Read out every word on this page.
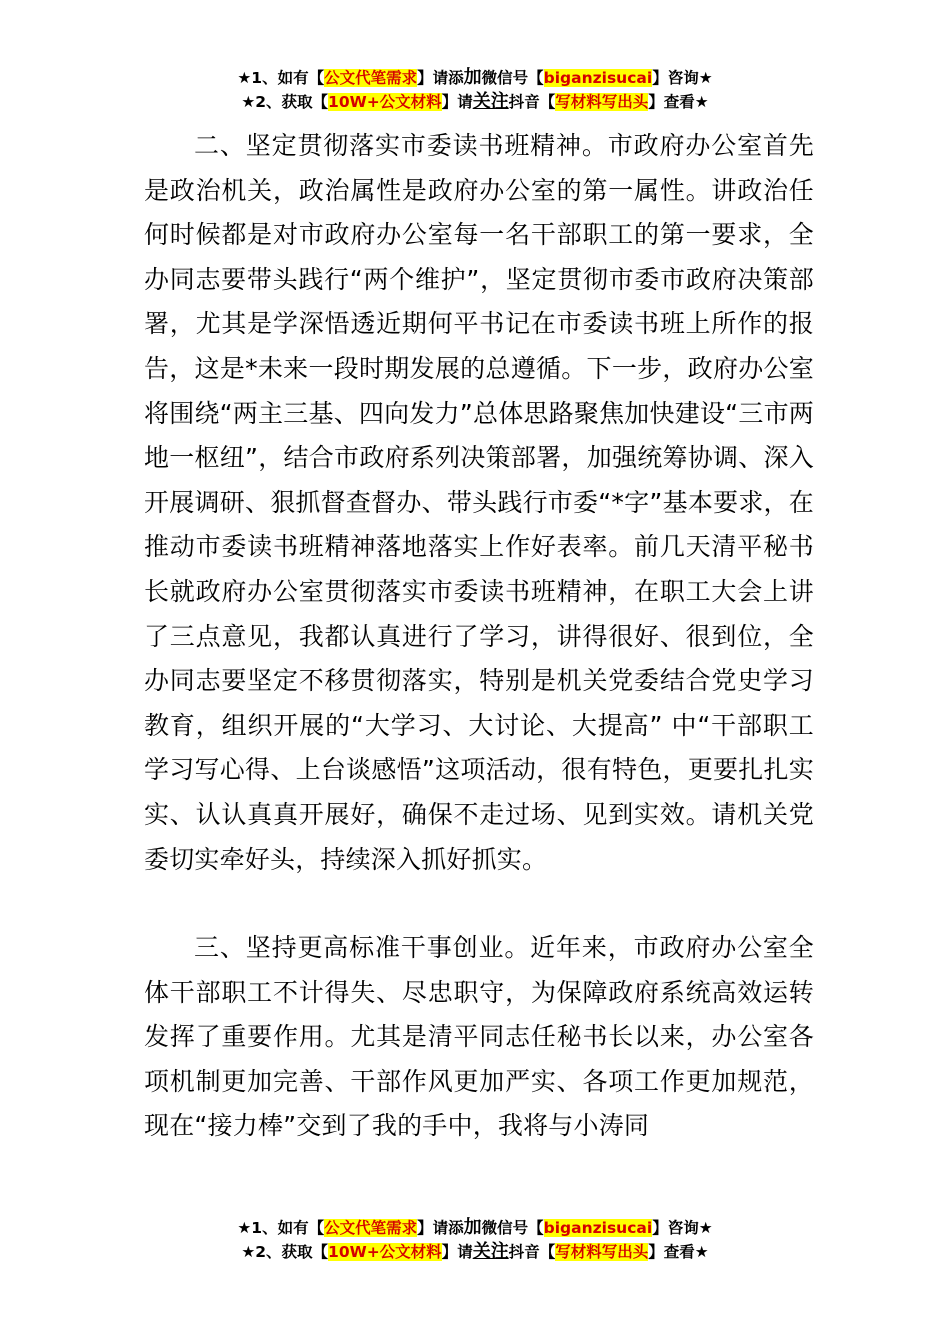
★1、如有【公文代笔需求】请添加微信号【biganzisucai】咨询★
★2、获取【10W+公文材料】请关注抖音【写材料写出头】查看★

二、坚定贯彻落实市委读书班精神。市政府办公室首先是政治机关，政治属性是政府办公室的第一属性。讲政治任何时候都是对市政府办公室每一名干部职工的第一要求，全办同志要带头践行“两个维护”，坚定贯彻市委市政府决策部署，尤其是学深悟透近期何平书记在市委读书班上所作的报告，这是*未来一段时期发展的总遵循。下一步，政府办公室将围绕“两主三基、四向发力”总体思路聚焦加快建设“三市两地一枢纽”，结合市政府系列决策部署，加强统筹协调、深入开展调研、狠抓督查督办、带头践行市委“*字”基本要求，在推动市委读书班精神落地落实上作好表率。前几天清平秘书长就政府办公室贯彻落实市委读书班精神，在职工大会上讲了三点意见，我都认真进行了学习，讲得很好、很到位，全办同志要坚定不移贯彻落实，特别是机关党委结合党史学习教育，组织开展的“大学习、大讨论、大提高” 中“干部职工学习写心得、上台谈感悟”这项活动，很有特色，更要扎扎实实、认认真真开展好，确保不走过场、见到实效。请机关党委切实牵好头，持续深入抓好抓实。

三、坚持更高标准干事创业。近年来，市政府办公室全体干部职工不计得失、尽忠职守，为保障政府系统高效运转发挥了重要作用。尤其是清平同志任秘书长以来，办公室各项机制更加完善、干部作风更加严实、各项工作更加规范，现在“接力棒”交到了我的手中，我将与小涛同

★1、如有【公文代笔需求】请添加微信号【biganzisucai】咨询★
★2、获取【10W+公文材料】请关注抖音【写材料写出头】查看★
